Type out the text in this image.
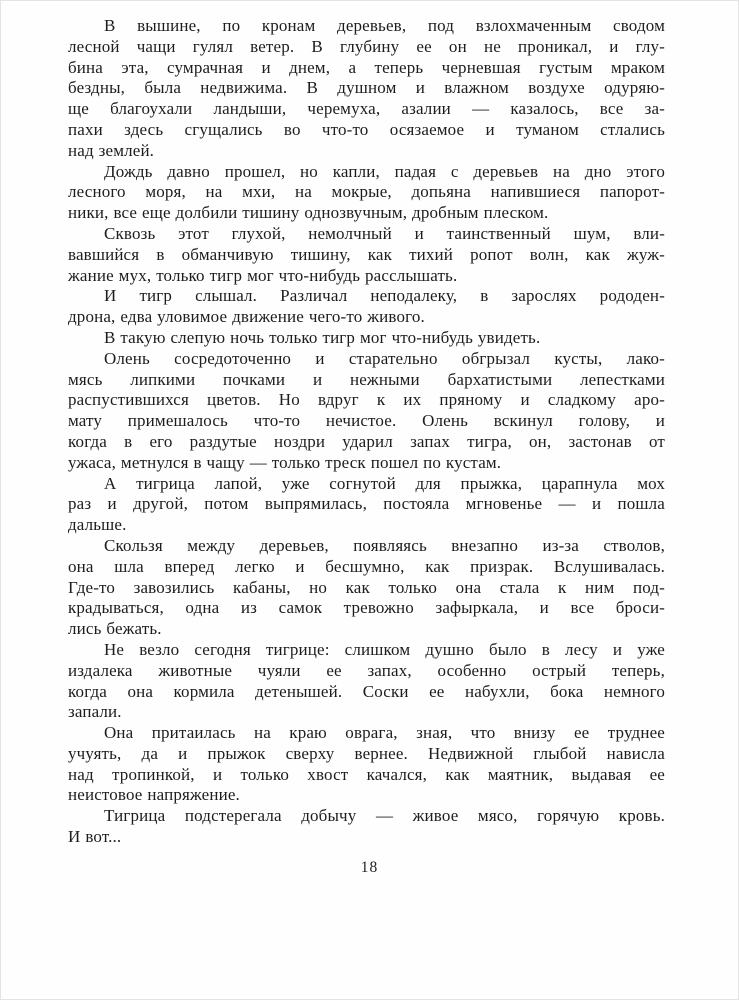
В вышине, по кронам деревьев, под взлохмаченным сводом
лесной чащи гулял ветер. В глубину ее он не проникал, и глу-
бина эта, сумрачная и днем, а теперь черневшая густым мраком
бездны, была недвижима. В душном и влажном воздухе одуряю-
ще благоухали ландыши, черемуха, азалии — казалось, все за-
пахи здесь сгущались во что-то осязаемое и туманом стлались
над землей.

Дождь давно прошел, но капли, падая с деревьев на дно этого
лесного моря, на мхи, на мокрые, допьяна напившиеся папорот-
ники, все еще долбили тишину однозвучным, дробным плеском.

Сквозь этот глухой, немолчный и таинственный шум, вли-
вавшийся в обманчивую тишину, как тихий ропот волн, как жуж-
жание мух, только тигр мог что-нибудь расслышать.

И тигр слышал. Различал неподалеку, в зарослях рододен-
дрона, едва уловимое движение чего-то живого.

В такую слепую ночь только тигр мог что-нибудь увидеть.

Олень сосредоточенно и старательно обгрызал кусты, лако-
мясь липкими почками и нежными бархатистыми лепестками
распустившихся цветов. Но вдруг к их пряному и сладкому аро-
мату примешалось что-то нечистое. Олень вскинул голову, и
когда в его раздутые ноздри ударил запах тигра, он, застонав от
ужаса, метнулся в чащу — только треск пошел по кустам.

А тигрица лапой, уже согнутой для прыжка, царапнула мох
раз и другой, потом выпрямилась, постояла мгновенье — и пошла
дальше.

Скользя между деревьев, появляясь внезапно из-за стволов,
она шла вперед легко и бесшумно, как призрак. Вслушивалась.
Где-то завозились кабаны, но как только она стала к ним под-
крадываться, одна из самок тревожно зафыркала, и все броси-
лись бежать.

Не везло сегодня тигрице: слишком душно было в лесу и уже
издалека животные чуяли ее запах, особенно острый теперь,
когда она кормила детенышей. Соски ее набухли, бока немного
запали.

Она притаилась на краю оврага, зная, что внизу ее труднее
учуять, да и прыжок сверху вернее. Недвижной глыбой нависла
над тропинкой, и только хвост качался, как маятник, выдавая ее
неистовое напряжение.

Тигрица подстерегала добычу — живое мясо, горячую кровь.
И вот...

18
